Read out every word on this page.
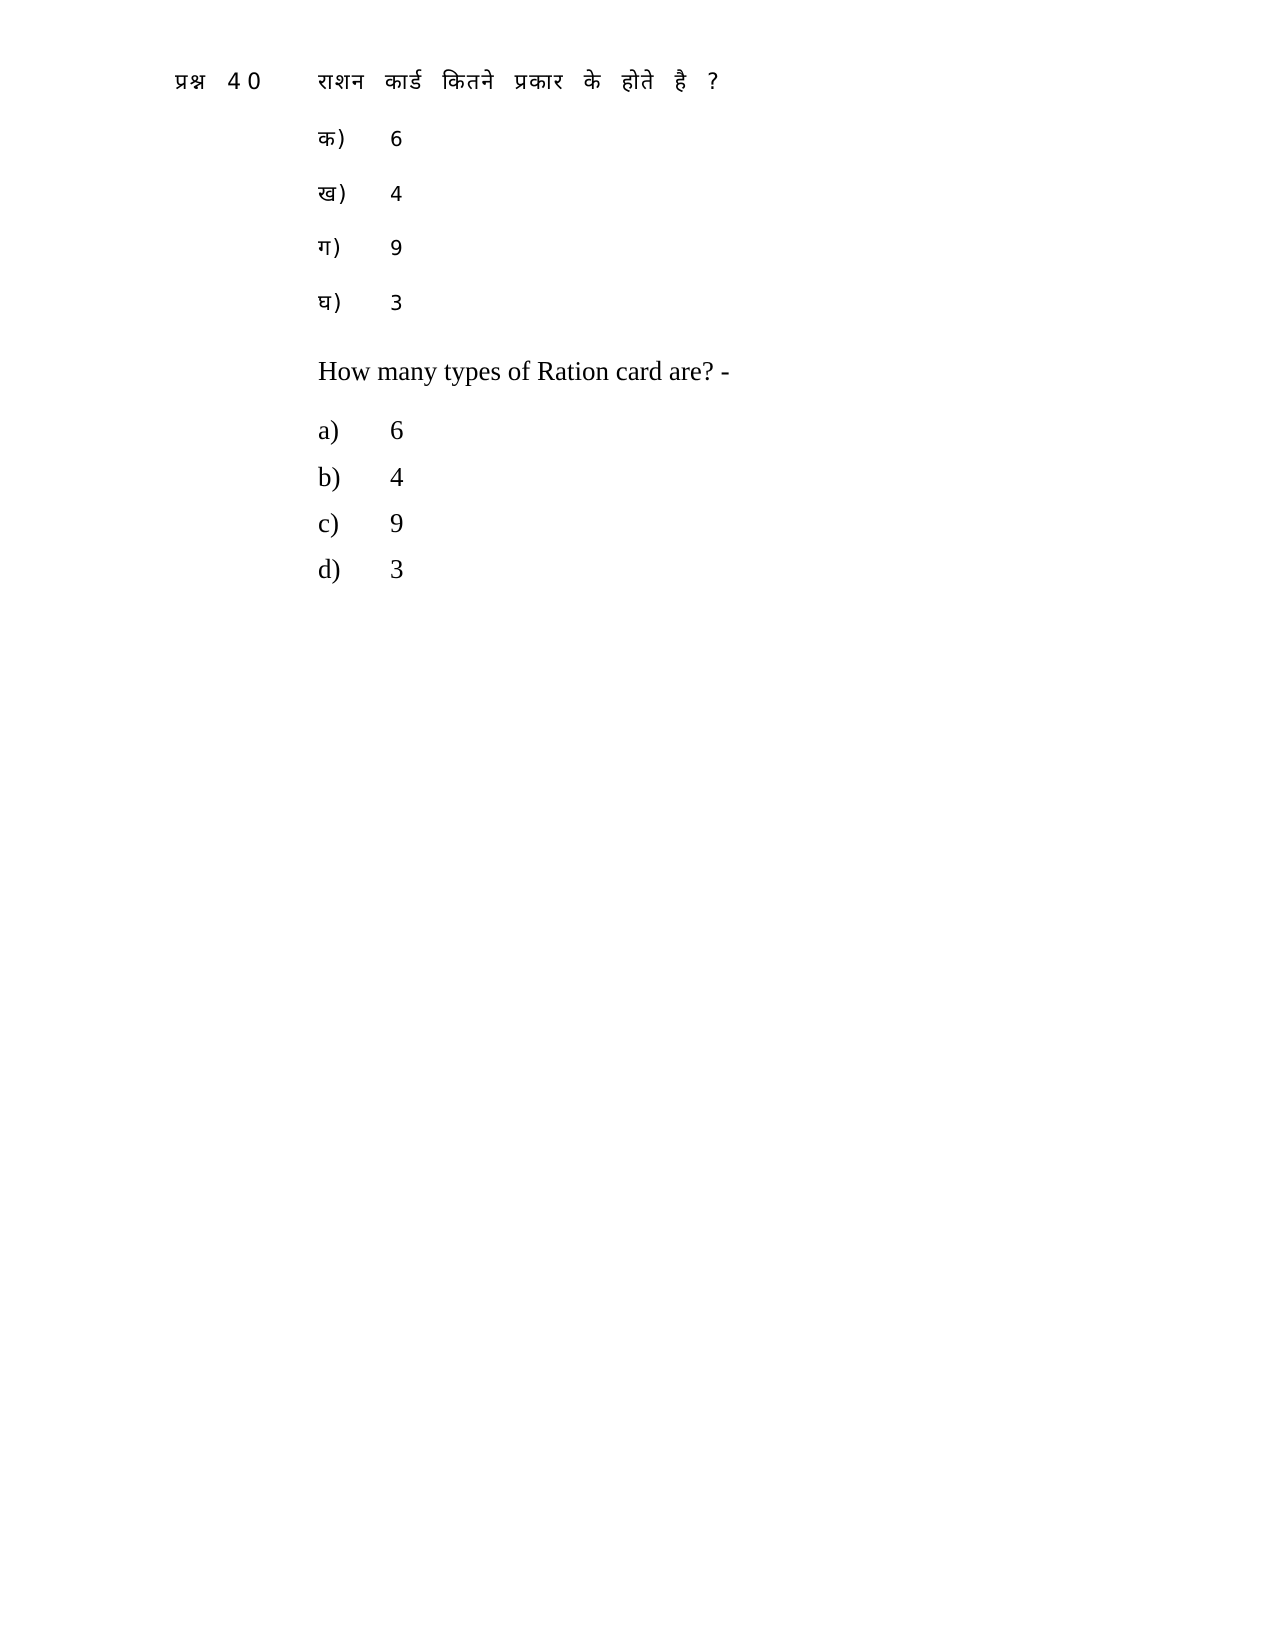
प्रश्न 40 राशन कार्ड कितने प्रकार के होते है ?
क) 6
ख) 4
ग) 9
घ) 3
How many types of Ration card are? -
a) 6
b) 4
c) 9
d) 3
